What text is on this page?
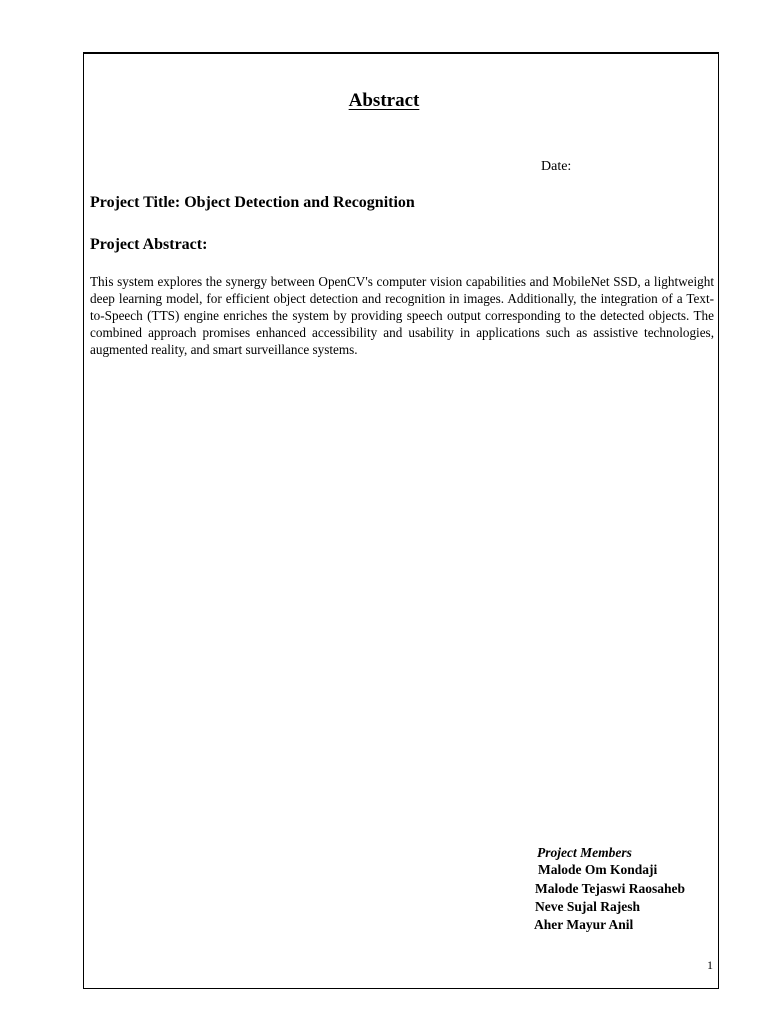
Abstract
Date:
Project Title: Object Detection and Recognition
Project Abstract:

This system explores the synergy between OpenCV's computer vision capabilities and MobileNet SSD, a lightweight deep learning model, for efficient object detection and recognition in images. Additionally, the integration of a Text-to-Speech (TTS) engine enriches the system by providing speech output corresponding to the detected objects. The combined approach promises enhanced accessibility and usability in applications such as assistive technologies, augmented reality, and smart surveillance systems.

Project Members
Malode Om Kondaji
Malode Tejaswi Raosaheb
Neve Sujal Rajesh
Aher Mayur Anil
1
